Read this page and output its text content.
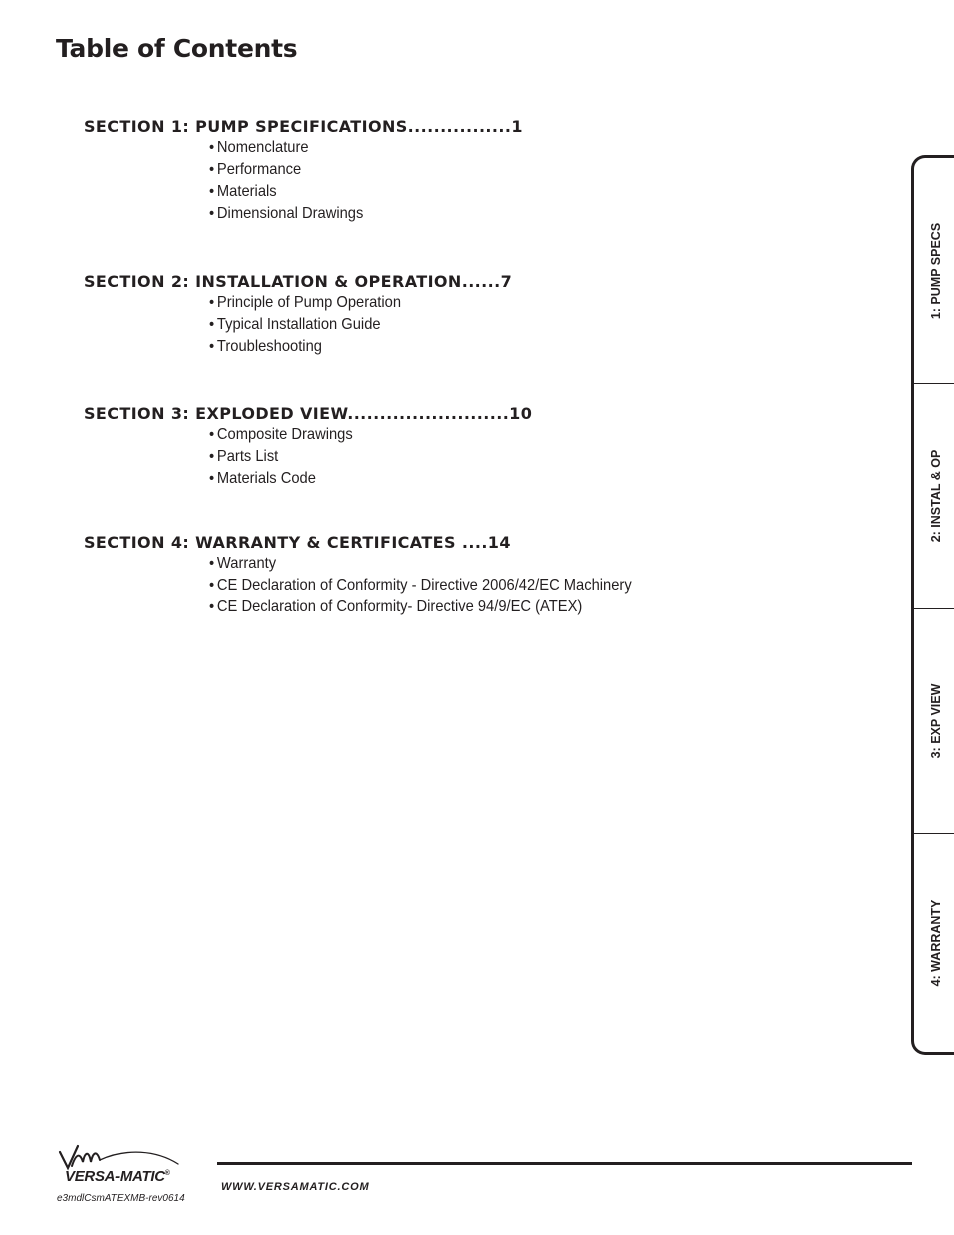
Table of Contents
SECTION 1: PUMP SPECIFICATIONS................1
• Nomenclature
• Performance
• Materials
• Dimensional Drawings
SECTION 2: INSTALLATION & OPERATION......7
• Principle of Pump Operation
• Typical Installation Guide
• Troubleshooting
SECTION 3: EXPLODED VIEW.........................10
• Composite Drawings
• Parts List
• Materials Code
SECTION 4: WARRANTY & CERTIFICATES ....14
• Warranty
• CE Declaration of Conformity - Directive 2006/42/EC Machinery
• CE Declaration of Conformity- Directive 94/9/EC (ATEX)
1: PUMP SPECS
2: INSTAL & OP
3: EXP VIEW
4: WARRANTY
VERSA-MATIC®
WWW.VERSAMATIC.COM
e3mdlCsmATEXMB-rev0614
